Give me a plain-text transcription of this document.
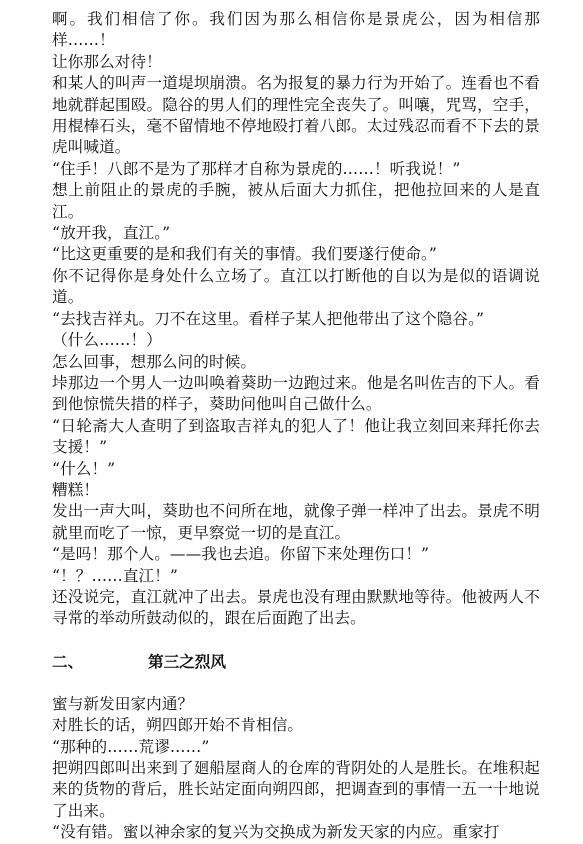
啊。我们相信了你。我们因为那么相信你是景虎公，因为相信那样……！

让你那么对待！

和某人的叫声一道堤坝崩溃。名为报复的暴力行为开始了。连看也不看地就群起围殴。隐谷的男人们的理性完全丧失了。叫嚷，咒骂，空手，用棍棒石头，毫不留情地不停地殴打着八郎。太过残忍而看不下去的景虎叫喊道。

“住手！八郎不是为了那样才自称为景虎的……！听我说！”

想上前阻止的景虎的手腕，被从后面大力抓住，把他拉回来的人是直江。

“放开我，直江。”

“比这更重要的是和我们有关的事情。我们要遂行使命。”

你不记得你是身处什么立场了。直江以打断他的自以为是似的语调说道。

“去找吉祥丸。刀不在这里。看样子某人把他带出了这个隐谷。”

（什么……！）

怎么回事，想那么问的时候。

垰那边一个男人一边叫唤着葵助一边跑过来。他是名叫佐吉的下人。看到他惊慌失措的样子，葵助问他叫自己做什么。

“日轮斋大人查明了到盗取吉祥丸的犯人了！他让我立刻回来拜托你去支援！”

“什么！”

糟糕！

发出一声大叫，葵助也不问所在地，就像子弹一样冲了出去。景虎不明就里而吃了一惊，更早察觉一切的是直江。

“是吗！那个人。——我也去追。你留下来处理伤口！”

“！？……直江！”

还没说完，直江就冲了出去。景虎也没有理由默默地等待。他被两人不寻常的举动所鼓动似的，跟在后面跑了出去。

二、	第三之烈风

蜜与新发田家内通？

对胜长的话，朔四郎开始不肯相信。

“那种的……荒谬……”

把朔四郎叫出来到了廻船屋商人的仓库的背阴处的人是胜长。在堆积起来的货物的背后，胜长站定面向朔四郎，把调查到的事情一五一十地说了出来。

“没有错。蜜以神余家的复兴为交换成为新发天家的内应。重家打
